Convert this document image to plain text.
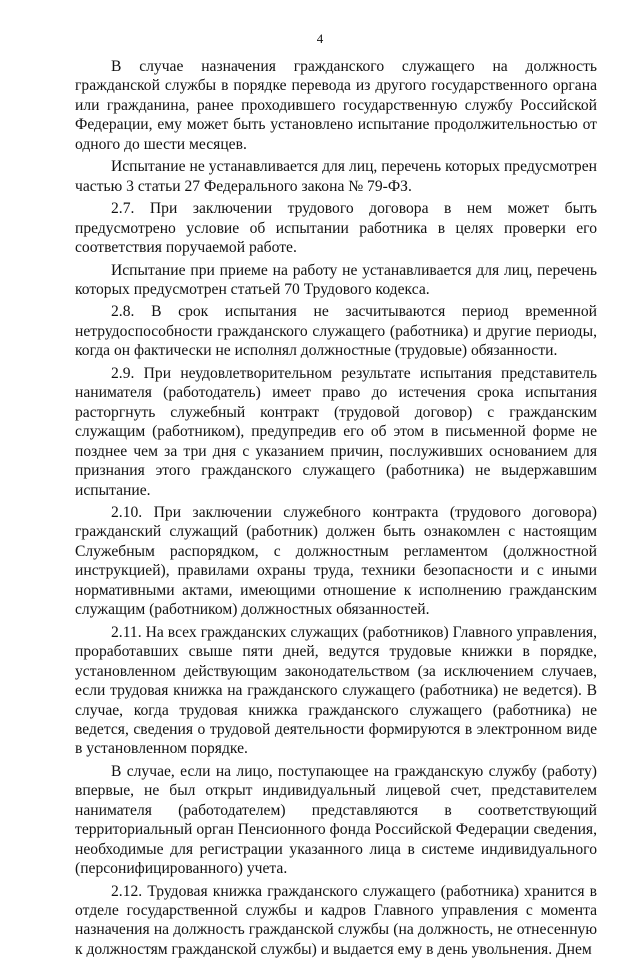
4

В случае назначения гражданского служащего на должность гражданской службы в порядке перевода из другого государственного органа или гражданина, ранее проходившего государственную службу Российской Федерации, ему может быть установлено испытание продолжительностью от одного до шести месяцев.

Испытание не устанавливается для лиц, перечень которых предусмотрен частью 3 статьи 27 Федерального закона № 79-ФЗ.

2.7. При заключении трудового договора в нем может быть предусмотрено условие об испытании работника в целях проверки его соответствия поручаемой работе.

Испытание при приеме на работу не устанавливается для лиц, перечень которых предусмотрен статьей 70 Трудового кодекса.

2.8. В срок испытания не засчитываются период временной нетрудоспособности гражданского служащего (работника) и другие периоды, когда он фактически не исполнял должностные (трудовые) обязанности.

2.9. При неудовлетворительном результате испытания представитель нанимателя (работодатель) имеет право до истечения срока испытания расторгнуть служебный контракт (трудовой договор) с гражданским служащим (работником), предупредив его об этом в письменной форме не позднее чем за три дня с указанием причин, послуживших основанием для признания этого гражданского служащего (работника) не выдержавшим испытание.

2.10. При заключении служебного контракта (трудового договора) гражданский служащий (работник) должен быть ознакомлен с настоящим Служебным распорядком, с должностным регламентом (должностной инструкцией), правилами охраны труда, техники безопасности и с иными нормативными актами, имеющими отношение к исполнению гражданским служащим (работником) должностных обязанностей.

2.11. На всех гражданских служащих (работников) Главного управления, проработавших свыше пяти дней, ведутся трудовые книжки в порядке, установленном действующим законодательством (за исключением случаев, если трудовая книжка на гражданского служащего (работника) не ведется). В случае, когда трудовая книжка гражданского служащего (работника) не ведется, сведения о трудовой деятельности формируются в электронном виде в установленном порядке.

В случае, если на лицо, поступающее на гражданскую службу (работу) впервые, не был открыт индивидуальный лицевой счет, представителем нанимателя (работодателем) представляются в соответствующий территориальный орган Пенсионного фонда Российской Федерации сведения, необходимые для регистрации указанного лица в системе индивидуального (персонифицированного) учета.

2.12. Трудовая книжка гражданского служащего (работника) хранится в отделе государственной службы и кадров Главного управления с момента назначения на должность гражданской службы (на должность, не отнесенную к должностям гражданской службы) и выдается ему в день увольнения. Днем
